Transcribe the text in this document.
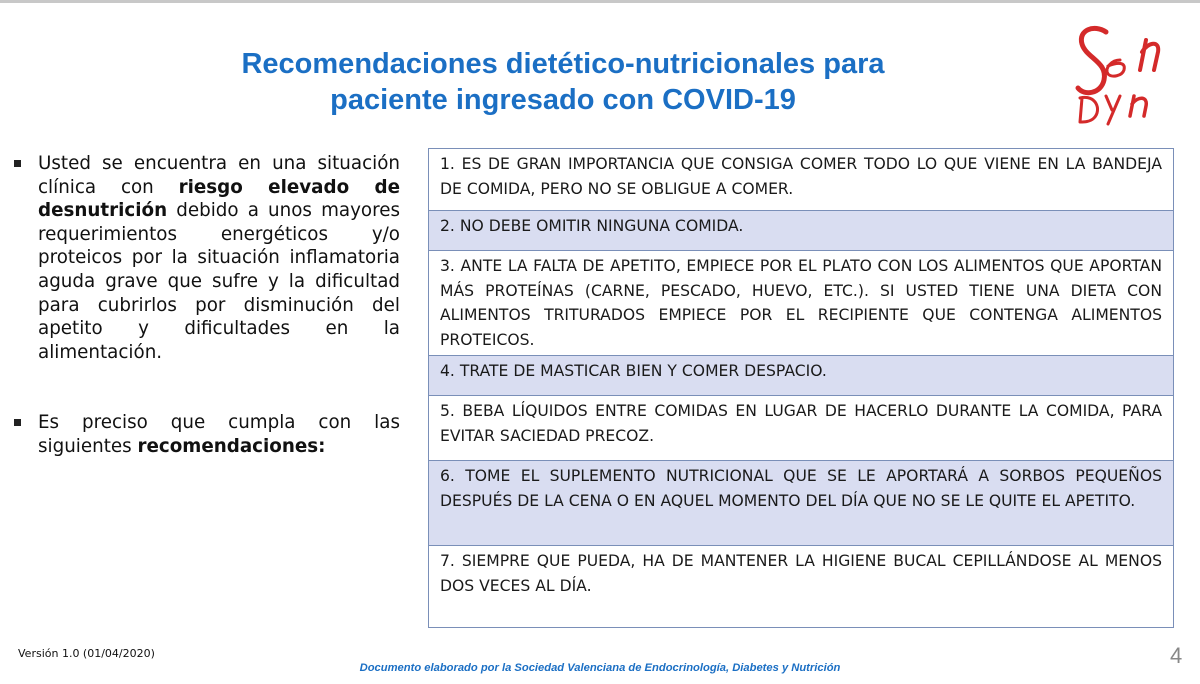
Recomendaciones dietético-nutricionales para
paciente ingresado con COVID-19
Usted se encuentra en una situación clínica con riesgo elevado de desnutrición debido a unos mayores requerimientos energéticos y/o proteicos por la situación inflamatoria aguda grave que sufre y la dificultad para cubrirlos por disminución del apetito y dificultades en la alimentación.
Es preciso que cumpla con las siguientes recomendaciones:
1. ES DE GRAN IMPORTANCIA QUE CONSIGA COMER TODO LO QUE VIENE EN LA BANDEJA DE COMIDA, PERO NO SE OBLIGUE A COMER.
2. NO DEBE OMITIR NINGUNA COMIDA.
3. ANTE LA FALTA DE APETITO, EMPIECE POR EL PLATO CON LOS ALIMENTOS QUE APORTAN MÁS PROTEÍNAS (CARNE, PESCADO, HUEVO, ETC.). SI USTED TIENE UNA DIETA CON ALIMENTOS TRITURADOS EMPIECE POR EL RECIPIENTE QUE CONTENGA ALIMENTOS PROTEICOS.
4. TRATE DE MASTICAR BIEN Y COMER DESPACIO.
5. BEBA LÍQUIDOS ENTRE COMIDAS EN LUGAR DE HACERLO DURANTE LA COMIDA, PARA EVITAR SACIEDAD PRECOZ.
6. TOME EL SUPLEMENTO NUTRICIONAL QUE SE LE APORTARÁ A SORBOS PEQUEÑOS DESPUÉS DE LA CENA O EN AQUEL MOMENTO DEL DÍA QUE NO SE LE QUITE EL APETITO.
7. SIEMPRE QUE PUEDA, HA DE MANTENER LA HIGIENE BUCAL CEPILLÁNDOSE AL MENOS DOS VECES AL DÍA.
Versión 1.0 (01/04/2020)
Documento elaborado por la Sociedad Valenciana de Endocrinología, Diabetes y Nutrición	4
